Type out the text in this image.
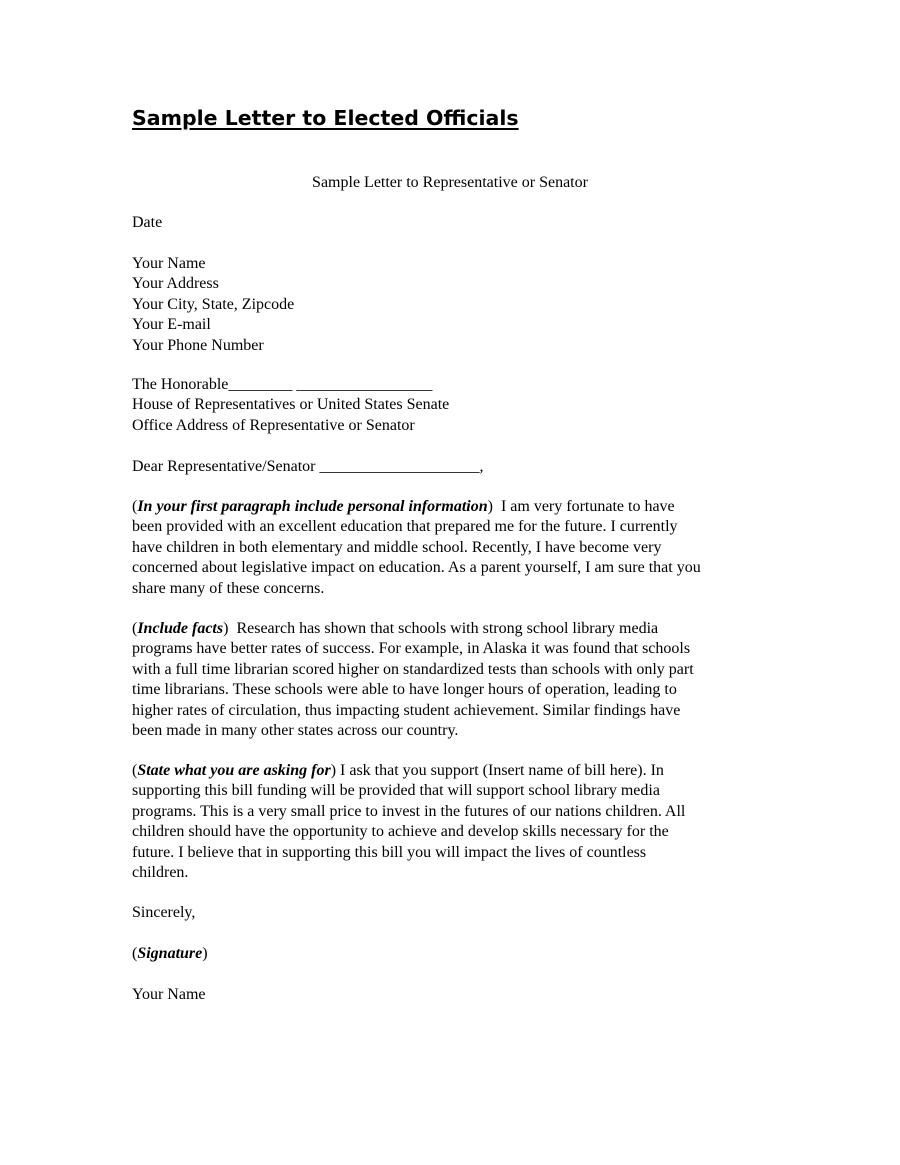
Sample Letter to Elected Officials
Sample Letter to Representative or Senator
Date
Your Name
Your Address
Your City, State, Zipcode
Your E-mail
Your Phone Number
The Honorable________ _________________
House of Representatives or United States Senate
Office Address of Representative or Senator
Dear Representative/Senator ____________________,
(In your first paragraph include personal information)  I am very fortunate to have
been provided with an excellent education that prepared me for the future. I currently
have children in both elementary and middle school. Recently, I have become very
concerned about legislative impact on education. As a parent yourself, I am sure that you
share many of these concerns.
(Include facts)  Research has shown that schools with strong school library media
programs have better rates of success. For example, in Alaska it was found that schools
with a full time librarian scored higher on standardized tests than schools with only part
time librarians. These schools were able to have longer hours of operation, leading to
higher rates of circulation, thus impacting student achievement. Similar findings have
been made in many other states across our country.
(State what you are asking for) I ask that you support (Insert name of bill here). In
supporting this bill funding will be provided that will support school library media
programs. This is a very small price to invest in the futures of our nations children. All
children should have the opportunity to achieve and develop skills necessary for the
future. I believe that in supporting this bill you will impact the lives of countless
children.
Sincerely,
(Signature)
Your Name
